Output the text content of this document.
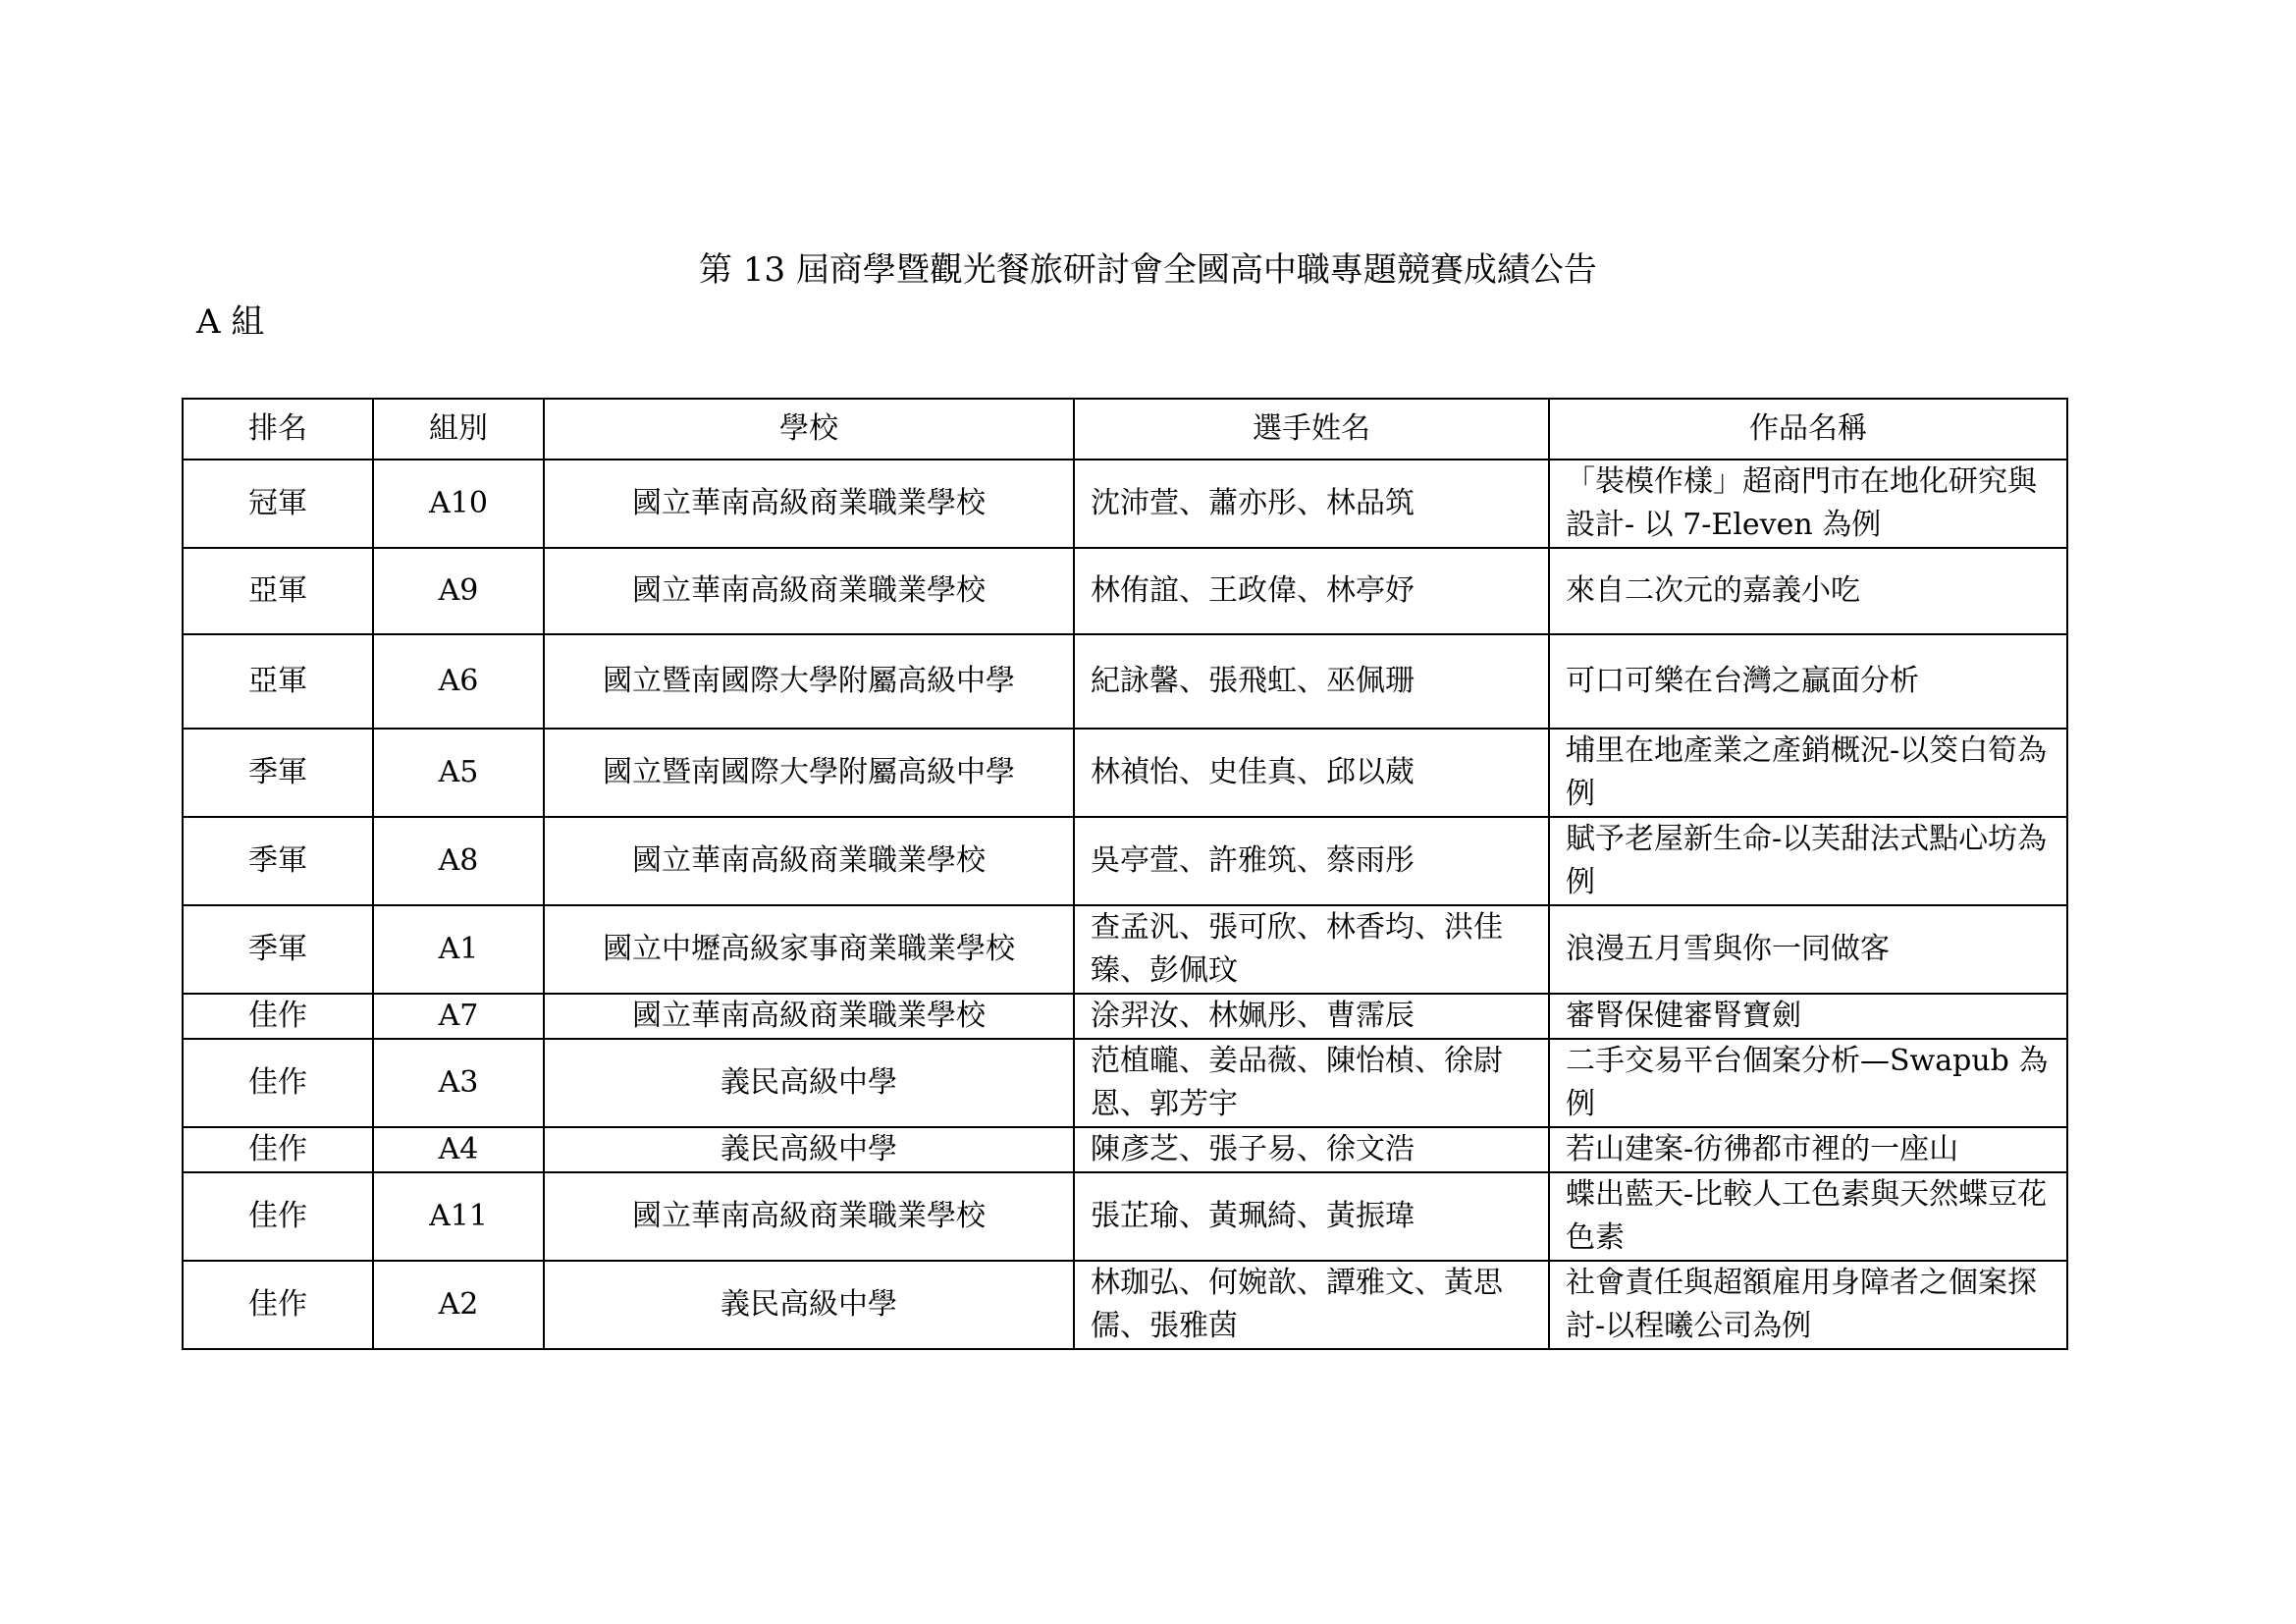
第 13 屆商學暨觀光餐旅研討會全國高中職專題競賽成績公告
A 組
排名	組別	學校	選手姓名	作品名稱

冠軍	A10	國立華南高級商業職業學校	沈沛萱、蕭亦彤、林品筑	「裝模作樣」超商門市在地化研究與設計- 以 7-Eleven 為例

亞軍	A9	國立華南高級商業職業學校	林侑誼、王政偉、林亭妤	來自二次元的嘉義小吃

亞軍	A6	國立暨南國際大學附屬高級中學	紀詠馨、張飛虹、巫佩珊	可口可樂在台灣之贏面分析

季軍	A5	國立暨南國際大學附屬高級中學	林禎怡、史佳真、邱以葳	埔里在地產業之產銷概況-以筊白筍為例

季軍	A8	國立華南高級商業職業學校	吳亭萱、許雅筑、蔡雨彤	賦予老屋新生命-以芙甜法式點心坊為例

季軍	A1	國立中壢高級家事商業職業學校	查孟汎、張可欣、林香均、洪佳臻、彭佩玟	浪漫五月雪與你一同做客

佳作	A7	國立華南高級商業職業學校	涂羿汝、林姵彤、曹霈辰	審腎保健審腎寶劍

佳作	A3	義民高級中學	范植曨、姜品薇、陳怡楨、徐尉恩、郭芳宇	二手交易平台個案分析—Swapub 為例

佳作	A4	義民高級中學	陳彥芝、張子易、徐文浩	若山建案-彷彿都市裡的一座山

佳作	A11	國立華南高級商業職業學校	張芷瑜、黃珮綺、黃振瑋	蝶出藍天-比較人工色素與天然蝶豆花色素

佳作	A2	義民高級中學	林珈弘、何婉歆、譚雅文、黃思儒、張雅茵	社會責任與超額雇用身障者之個案探討-以程曦公司為例
